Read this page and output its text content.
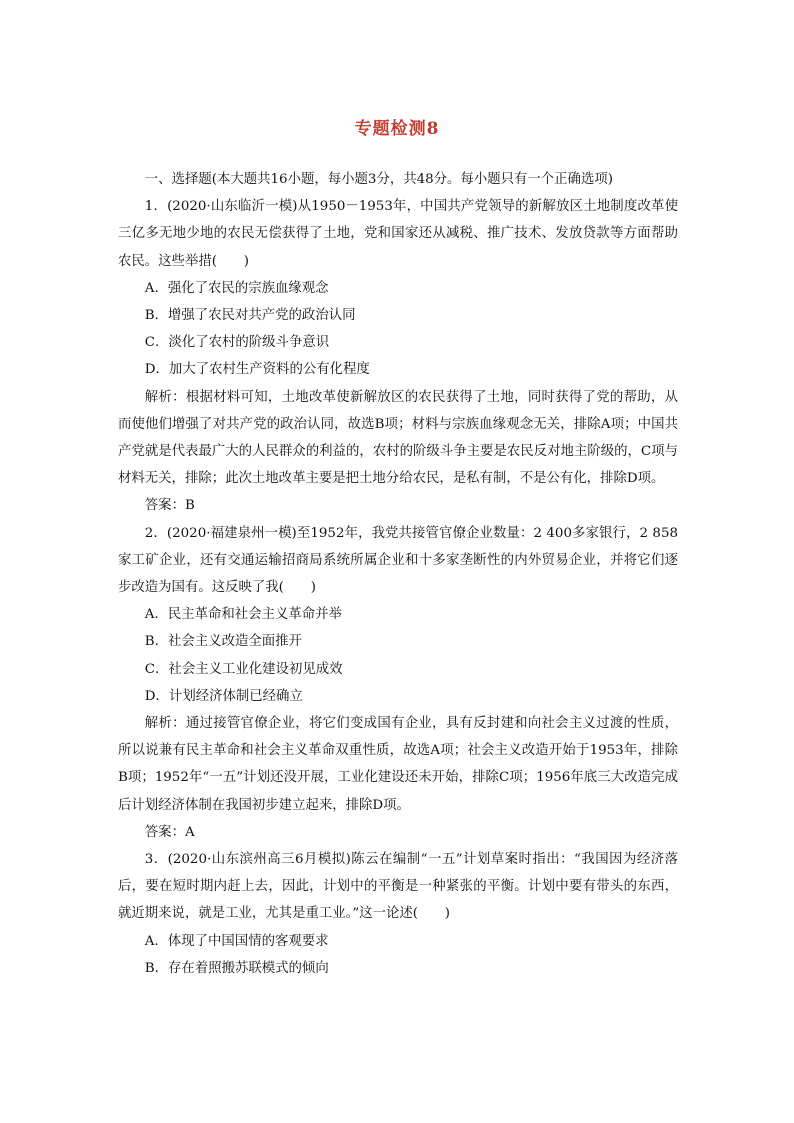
专题检测8

一、选择题(本大题共16小题，每小题3分，共48分。每小题只有一个正确选项)

1．(2020·山东临沂一模)从1950－1953年，中国共产党领导的新解放区土地制度改革使三亿多无地少地的农民无偿获得了土地，党和国家还从减税、推广技术、发放贷款等方面帮助农民。这些举措(　　)

A．强化了农民的宗族血缘观念

B．增强了农民对共产党的政治认同

C．淡化了农村的阶级斗争意识

D．加大了农村生产资料的公有化程度

解析：根据材料可知，土地改革使新解放区的农民获得了土地，同时获得了党的帮助，从而使他们增强了对共产党的政治认同，故选B项；材料与宗族血缘观念无关，排除A项；中国共产党就是代表最广大的人民群众的利益的，农村的阶级斗争主要是农民反对地主阶级的，C项与材料无关，排除；此次土地改革主要是把土地分给农民，是私有制，不是公有化，排除D项。

答案：B

2．(2020·福建泉州一模)至1952年，我党共接管官僚企业数量：2 400多家银行，2 858家工矿企业，还有交通运输招商局系统所属企业和十多家垄断性的内外贸易企业，并将它们逐步改造为国有。这反映了我(　　)

A．民主革命和社会主义革命并举

B．社会主义改造全面推开

C．社会主义工业化建设初见成效

D．计划经济体制已经确立

解析：通过接管官僚企业，将它们变成国有企业，具有反封建和向社会主义过渡的性质，所以说兼有民主革命和社会主义革命双重性质，故选A项；社会主义改造开始于1953年，排除B项；1952年“一五”计划还没开展，工业化建设还未开始，排除C项；1956年底三大改造完成后计划经济体制在我国初步建立起来，排除D项。

答案：A

3．(2020·山东滨州高三6月模拟)陈云在编制“一五”计划草案时指出：“我国因为经济落后，要在短时期内赶上去，因此，计划中的平衡是一种紧张的平衡。计划中要有带头的东西，就近期来说，就是工业，尤其是重工业。”这一论述(　　)

A．体现了中国国情的客观要求

B．存在着照搬苏联模式的倾向
